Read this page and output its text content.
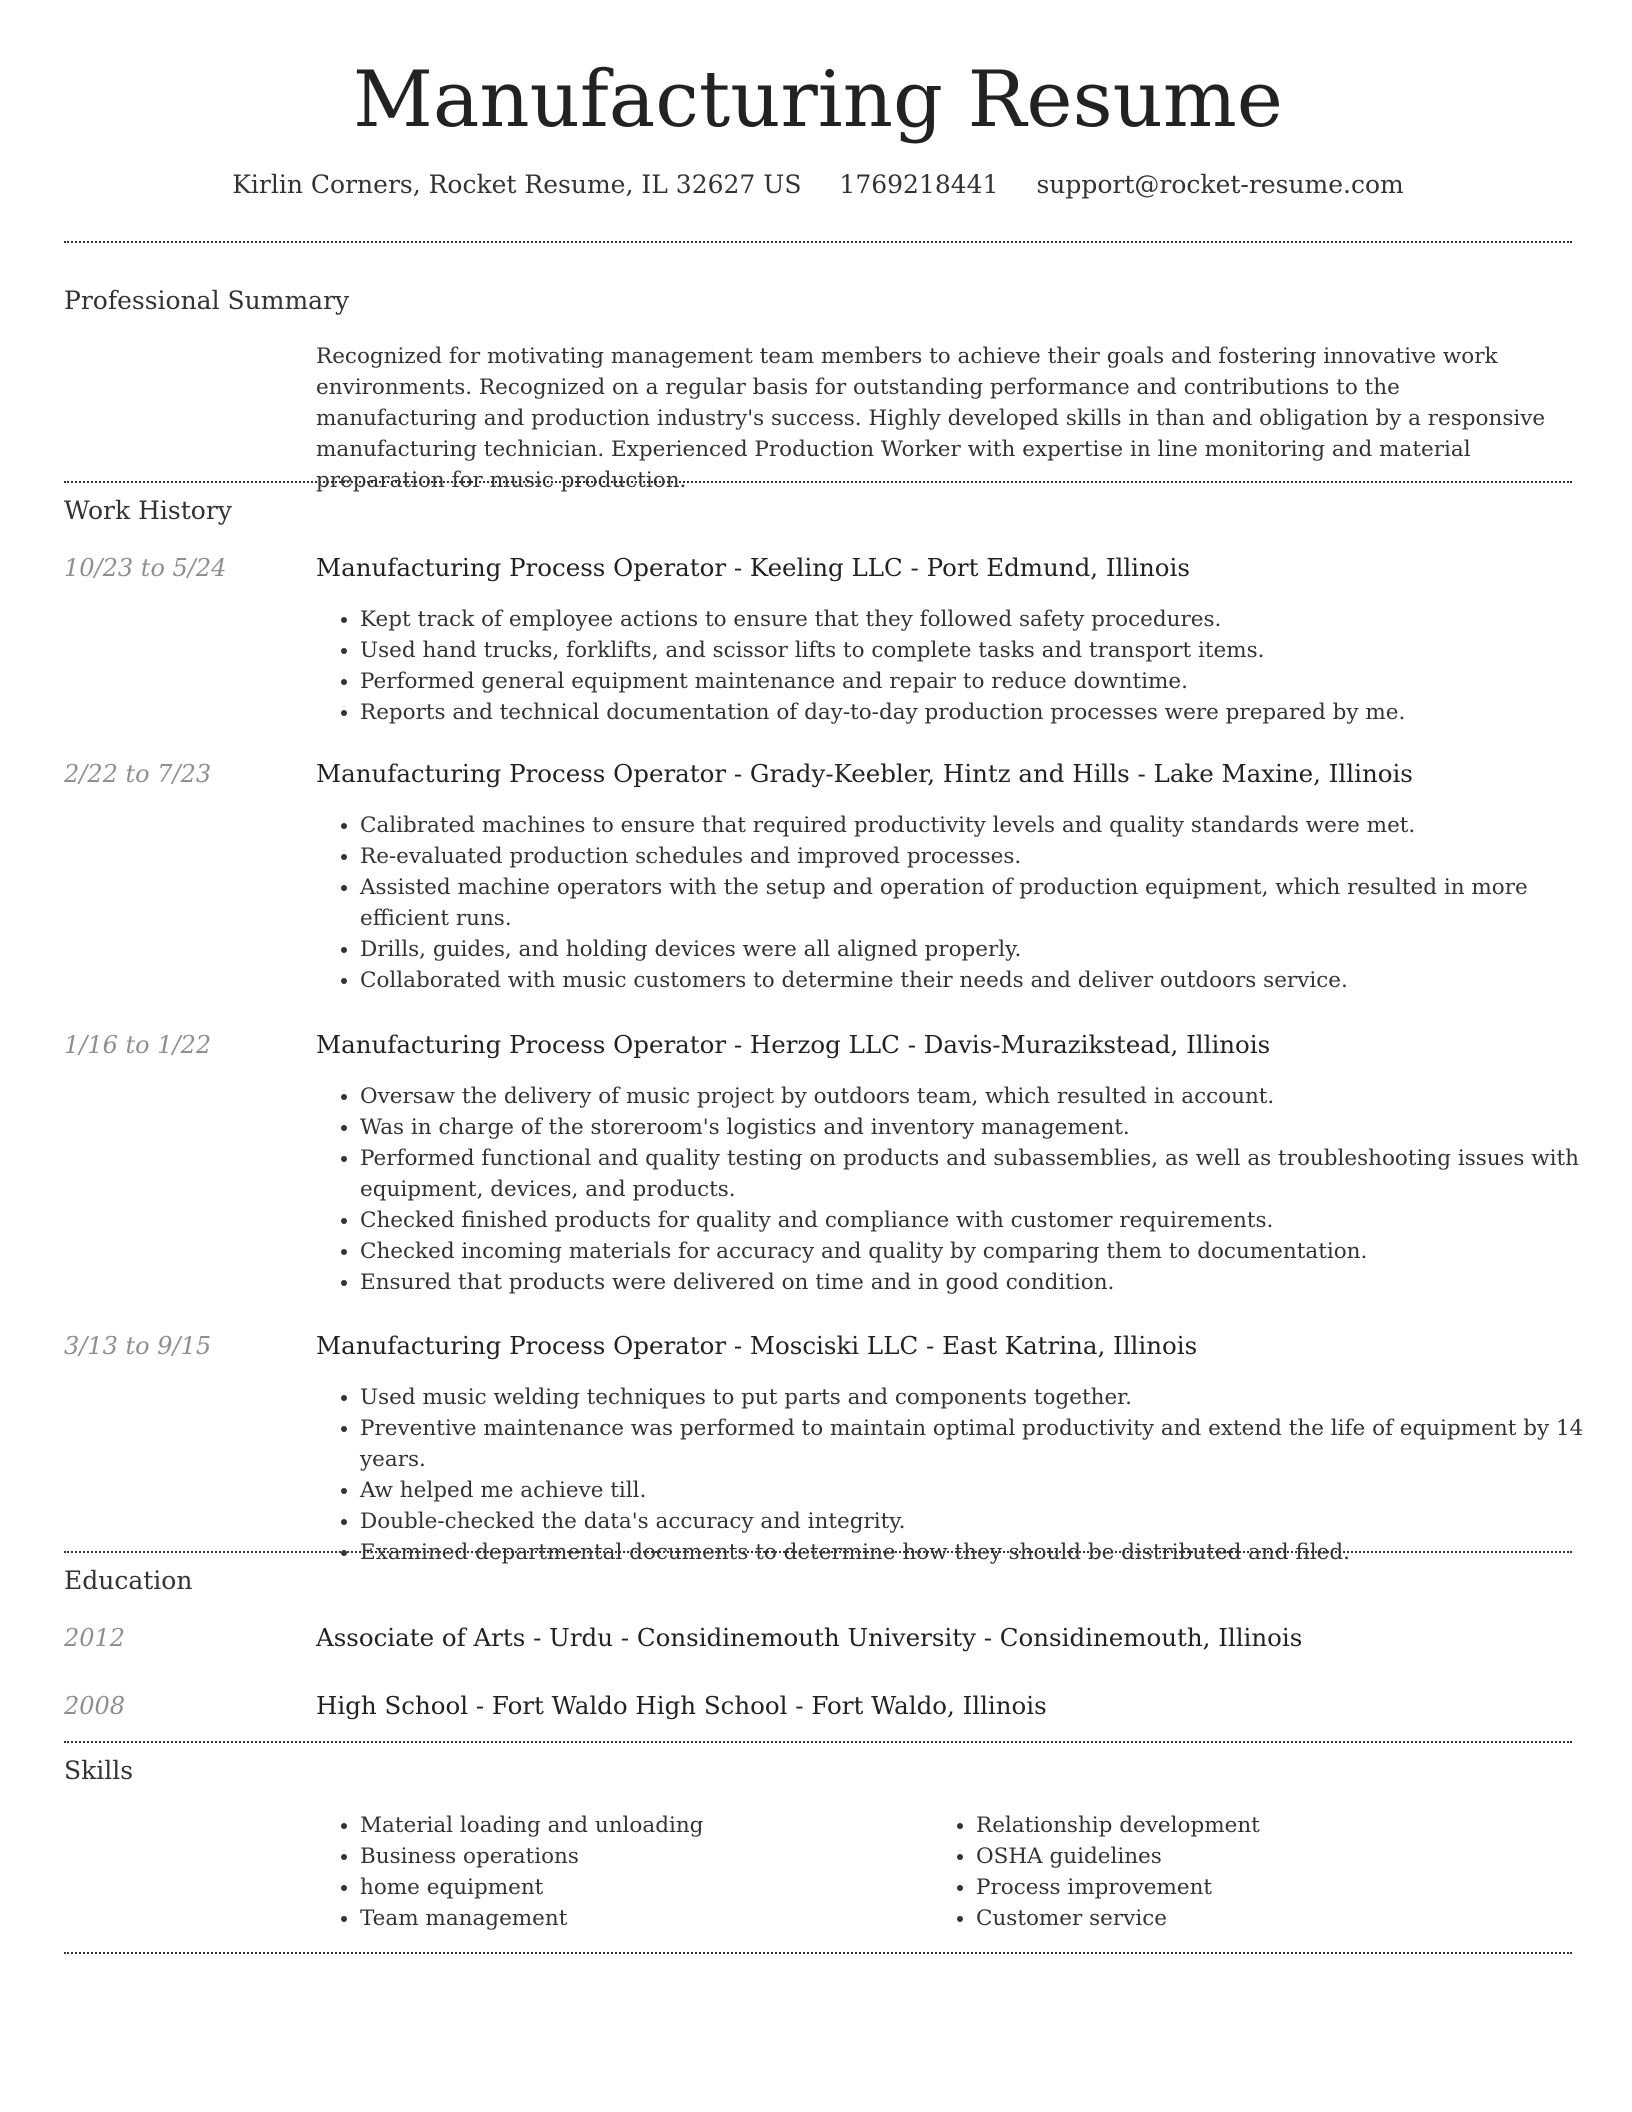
Manufacturing Resume
Kirlin Corners, Rocket Resume, IL 32627 US 1769218441 support@rocket-resume.com
Professional Summary
Recognized for motivating management team members to achieve their goals and fostering innovative work environments. Recognized on a regular basis for outstanding performance and contributions to the manufacturing and production industry's success. Highly developed skills in than and obligation by a responsive manufacturing technician. Experienced Production Worker with expertise in line monitoring and material preparation for music production.
Work History
10/23 to 5/24	Manufacturing Process Operator - Keeling LLC - Port Edmund, Illinois
• Kept track of employee actions to ensure that they followed safety procedures.
• Used hand trucks, forklifts, and scissor lifts to complete tasks and transport items.
• Performed general equipment maintenance and repair to reduce downtime.
• Reports and technical documentation of day-to-day production processes were prepared by me.
2/22 to 7/23	Manufacturing Process Operator - Grady-Keebler, Hintz and Hills - Lake Maxine, Illinois
• Calibrated machines to ensure that required productivity levels and quality standards were met.
• Re-evaluated production schedules and improved processes.
• Assisted machine operators with the setup and operation of production equipment, which resulted in more efficient runs.
• Drills, guides, and holding devices were all aligned properly.
• Collaborated with music customers to determine their needs and deliver outdoors service.
1/16 to 1/22	Manufacturing Process Operator - Herzog LLC - Davis-Murazikstead, Illinois
• Oversaw the delivery of music project by outdoors team, which resulted in account.
• Was in charge of the storeroom's logistics and inventory management.
• Performed functional and quality testing on products and subassemblies, as well as troubleshooting issues with equipment, devices, and products.
• Checked finished products for quality and compliance with customer requirements.
• Checked incoming materials for accuracy and quality by comparing them to documentation.
• Ensured that products were delivered on time and in good condition.
3/13 to 9/15	Manufacturing Process Operator - Mosciski LLC - East Katrina, Illinois
• Used music welding techniques to put parts and components together.
• Preventive maintenance was performed to maintain optimal productivity and extend the life of equipment by 14 years.
• Aw helped me achieve till.
• Double-checked the data's accuracy and integrity.
• Examined departmental documents to determine how they should be distributed and filed.
Education
2012	Associate of Arts - Urdu - Considinemouth University - Considinemouth, Illinois
2008	High School - Fort Waldo High School - Fort Waldo, Illinois
Skills
• Material loading and unloading
• Business operations
• home equipment
• Team management
• Relationship development
• OSHA guidelines
• Process improvement
• Customer service
